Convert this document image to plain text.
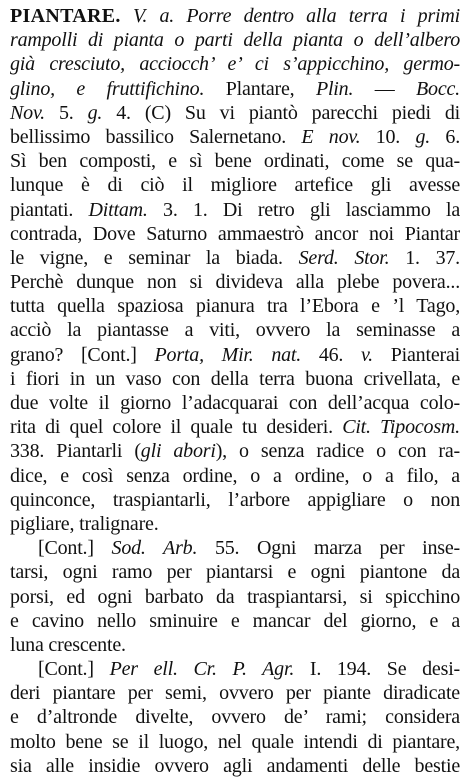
PIANTARE. V. a. Porre dentro alla terra i primi
rampolli di pianta o parti della pianta o dell’albero
già cresciuto, acciocch’ e’ ci s’appicchino, germo-
glino, e fruttifichino. Plantare, Plin. — Bocc.
Nov. 5. g. 4. (C) Su vi piantò parecchi piedi di
bellissimo bassilico Salernetano. E nov. 10. g. 6.
Sì ben composti, e sì bene ordinati, come se qua-
lunque è di ciò il migliore artefice gli avesse
piantati. Dittam. 3. 1. Di retro gli lasciammo la
contrada, Dove Saturno ammaestrò ancor noi Piantar
le vigne, e seminar la biada. Serd. Stor. 1. 37.
Perchè dunque non si divideva alla plebe povera...
tutta quella spaziosa pianura tra l’Ebora e ’l Tago,
acciò la piantasse a viti, ovvero la seminasse a
grano? [Cont.] Porta, Mir. nat. 46. v. Pianterai
i fiori in un vaso con della terra buona crivellata, e
due volte il giorno l’adacquarai con dell’acqua colo-
rita di quel colore il quale tu desideri. Cit. Tipocosm.
338. Piantarli (gli abori), o senza radice o con ra-
dice, e così senza ordine, o a ordine, o a filo, a
quinconce, traspiantarli, l’arbore appigliare o non
pigliare, tralignare.
[Cont.] Sod. Arb. 55. Ogni marza per inse-
tarsi, ogni ramo per piantarsi e ogni piantone da
porsi, ed ogni barbato da traspiantarsi, si spicchino
e cavino nello sminuire e mancar del giorno, e a
luna crescente.
[Cont.] Per ell. Cr. P. Agr. I. 194. Se desi-
deri piantare per semi, ovvero per piante diradicate
e d’altronde divelte, ovvero de’ rami; considera
molto bene se il luogo, nel quale intendi di piantare,
sia alle insidie ovvero agli andamenti delle bestie
